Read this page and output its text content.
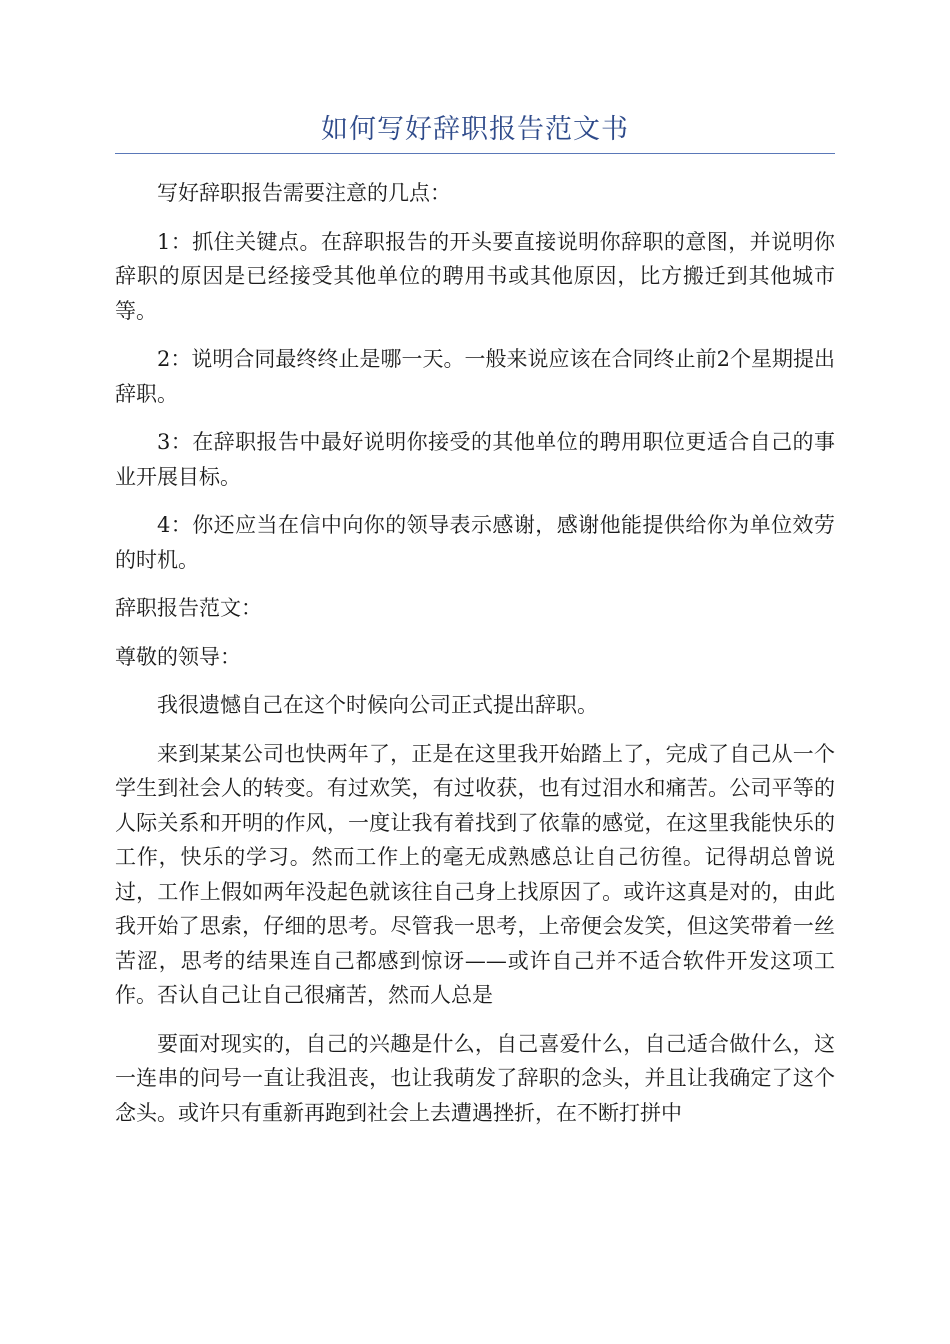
如何写好辞职报告范文书

写好辞职报告需要注意的几点：

1：抓住关键点。在辞职报告的开头要直接说明你辞职的意图，并说明你辞职的原因是已经接受其他单位的聘用书或其他原因，比方搬迁到其他城市等。

2：说明合同最终终止是哪一天。一般来说应该在合同终止前2个星期提出辞职。

3：在辞职报告中最好说明你接受的其他单位的聘用职位更适合自己的事业开展目标。

4：你还应当在信中向你的领导表示感谢，感谢他能提供给你为单位效劳的时机。

辞职报告范文：

尊敬的领导：

我很遗憾自己在这个时候向公司正式提出辞职。

来到某某公司也快两年了，正是在这里我开始踏上了，完成了自己从一个学生到社会人的转变。有过欢笑，有过收获，也有过泪水和痛苦。公司平等的人际关系和开明的作风，一度让我有着找到了依靠的感觉，在这里我能快乐的工作，快乐的学习。然而工作上的毫无成熟感总让自己彷徨。记得胡总曾说过，工作上假如两年没起色就该往自己身上找原因了。或许这真是对的，由此我开始了思索，仔细的思考。尽管我一思考，上帝便会发笑，但这笑带着一丝苦涩，思考的结果连自己都感到惊讶——或许自己并不适合软件开发这项工作。否认自己让自己很痛苦，然而人总是

要面对现实的，自己的兴趣是什么，自己喜爱什么，自己适合做什么，这一连串的问号一直让我沮丧，也让我萌发了辞职的念头，并且让我确定了这个念头。或许只有重新再跑到社会上去遭遇挫折，在不断打拼中
